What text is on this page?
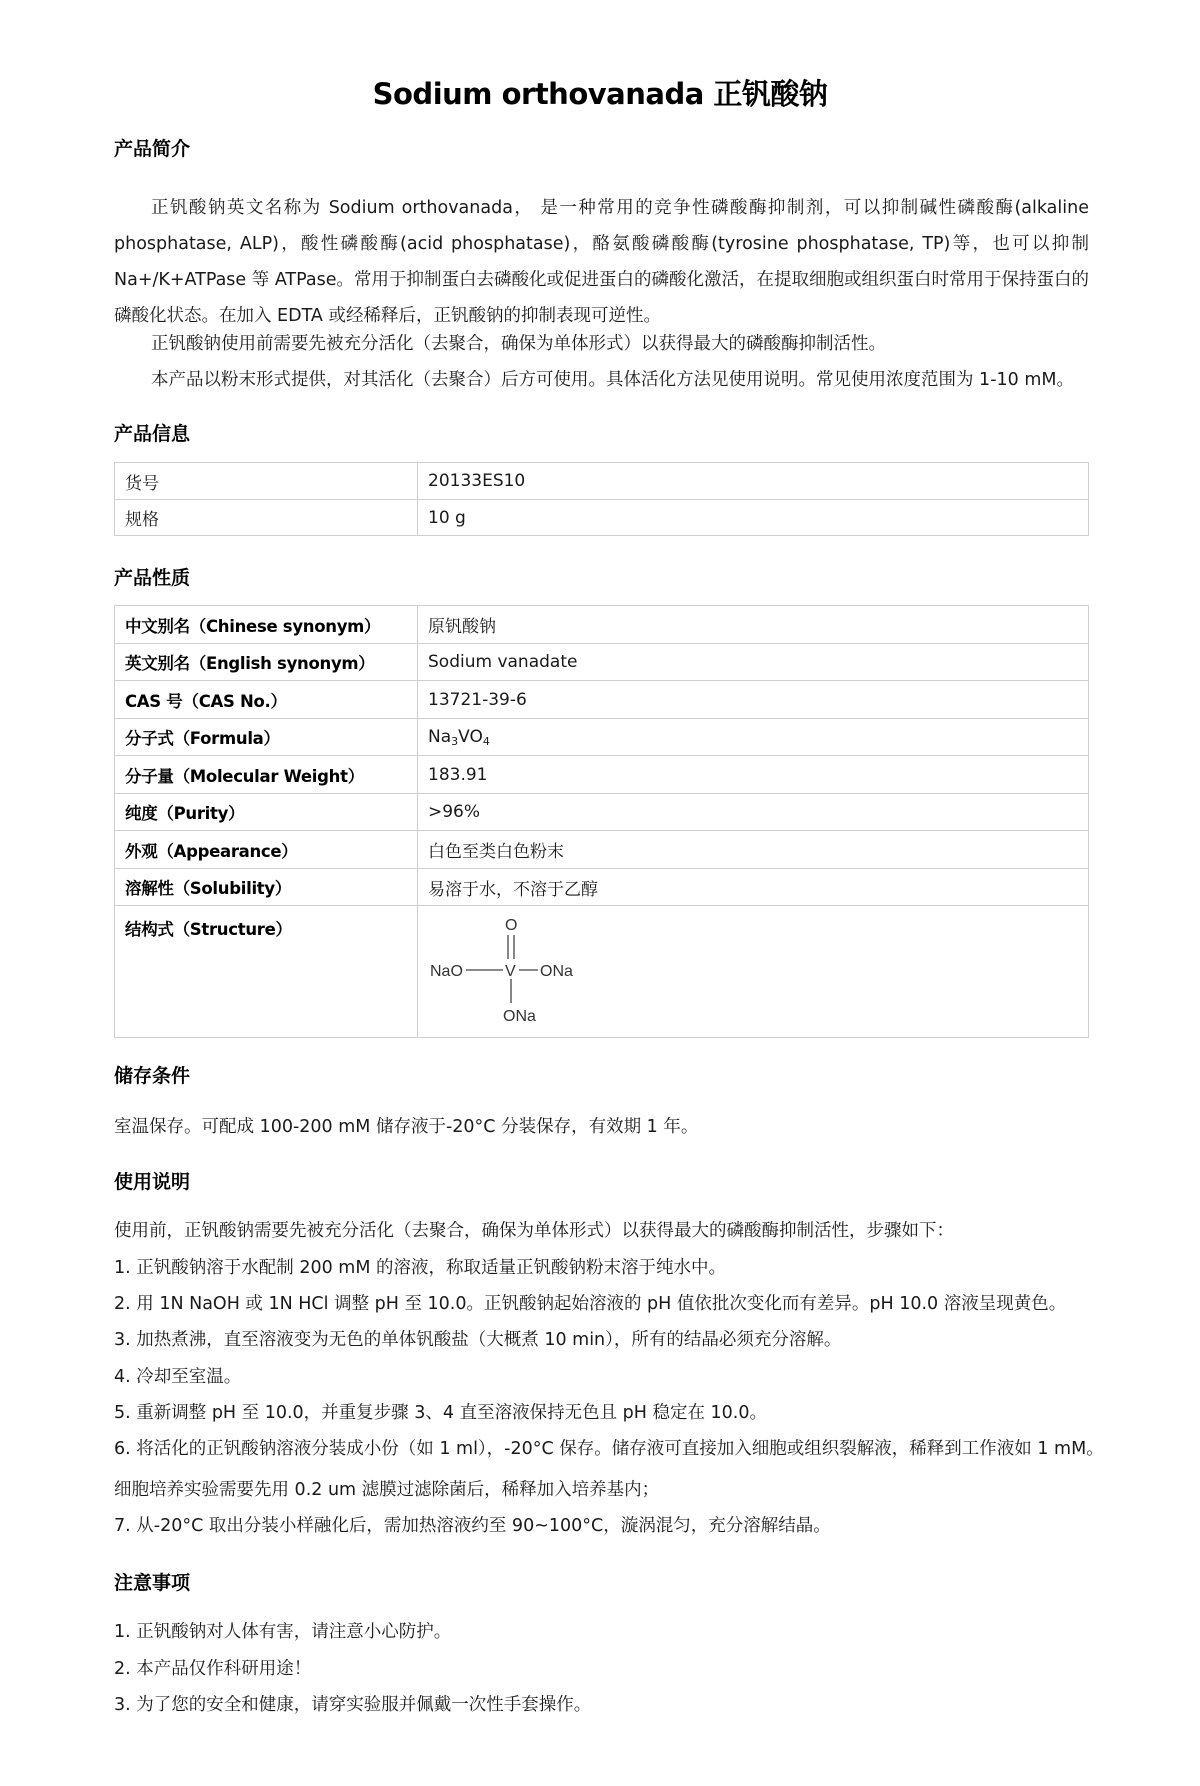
Sodium orthovanada 正钒酸钠
产品简介
正钒酸钠英文名称为 Sodium orthovanada， 是一种常用的竞争性磷酸酶抑制剂，可以抑制碱性磷酸酶(alkaline phosphatase, ALP)，酸性磷酸酶(acid phosphatase)，酪氨酸磷酸酶(tyrosine phosphatase, TP)等，也可以抑制 Na+/K+ATPase 等 ATPase。常用于抑制蛋白去磷酸化或促进蛋白的磷酸化激活，在提取细胞或组织蛋白时常用于保持蛋白的磷酸化状态。在加入 EDTA 或经稀释后，正钒酸钠的抑制表现可逆性。
正钒酸钠使用前需要先被充分活化（去聚合，确保为单体形式）以获得最大的磷酸酶抑制活性。
本产品以粉末形式提供，对其活化（去聚合）后方可使用。具体活化方法见使用说明。常见使用浓度范围为 1-10 mM。
产品信息
货号	20133ES10
规格	10 g
产品性质
中文别名（Chinese synonym）	原钒酸钠
英文别名（English synonym）	Sodium vanadate
CAS 号（CAS No.）	13721-39-6
分子式（Formula）	$Na_3VO_4$
分子量（Molecular Weight）	183.91
纯度（Purity）	>96%
外观（Appearance）	白色至类白色粉末
溶解性（Solubility）	易溶于水，不溶于乙醇
结构式（Structure）	O
NaO V ONa
ONa
储存条件
室温保存。可配成 100-200 mM 储存液于-20°C 分装保存，有效期 1 年。
使用说明
使用前，正钒酸钠需要先被充分活化（去聚合，确保为单体形式）以获得最大的磷酸酶抑制活性，步骤如下：
1. 正钒酸钠溶于水配制 200 mM 的溶液，称取适量正钒酸钠粉末溶于纯水中。
2. 用 1N NaOH 或 1N HCl 调整 pH 至 10.0。正钒酸钠起始溶液的 pH 值依批次变化而有差异。pH 10.0 溶液呈现黄色。
3. 加热煮沸，直至溶液变为无色的单体钒酸盐（大概煮 10 min），所有的结晶必须充分溶解。
4. 冷却至室温。
5. 重新调整 pH 至 10.0，并重复步骤 3、4 直至溶液保持无色且 pH 稳定在 10.0。
6. 将活化的正钒酸钠溶液分装成小份（如 1 ml），-20°C 保存。储存液可直接加入细胞或组织裂解液，稀释到工作液如 1 mM。
细胞培养实验需要先用 0.2 um 滤膜过滤除菌后，稀释加入培养基内；
7. 从-20°C 取出分装小样融化后，需加热溶液约至 90~100°C，漩涡混匀，充分溶解结晶。
注意事项
1. 正钒酸钠对人体有害，请注意小心防护。
2. 本产品仅作科研用途！
3. 为了您的安全和健康，请穿实验服并佩戴一次性手套操作。
